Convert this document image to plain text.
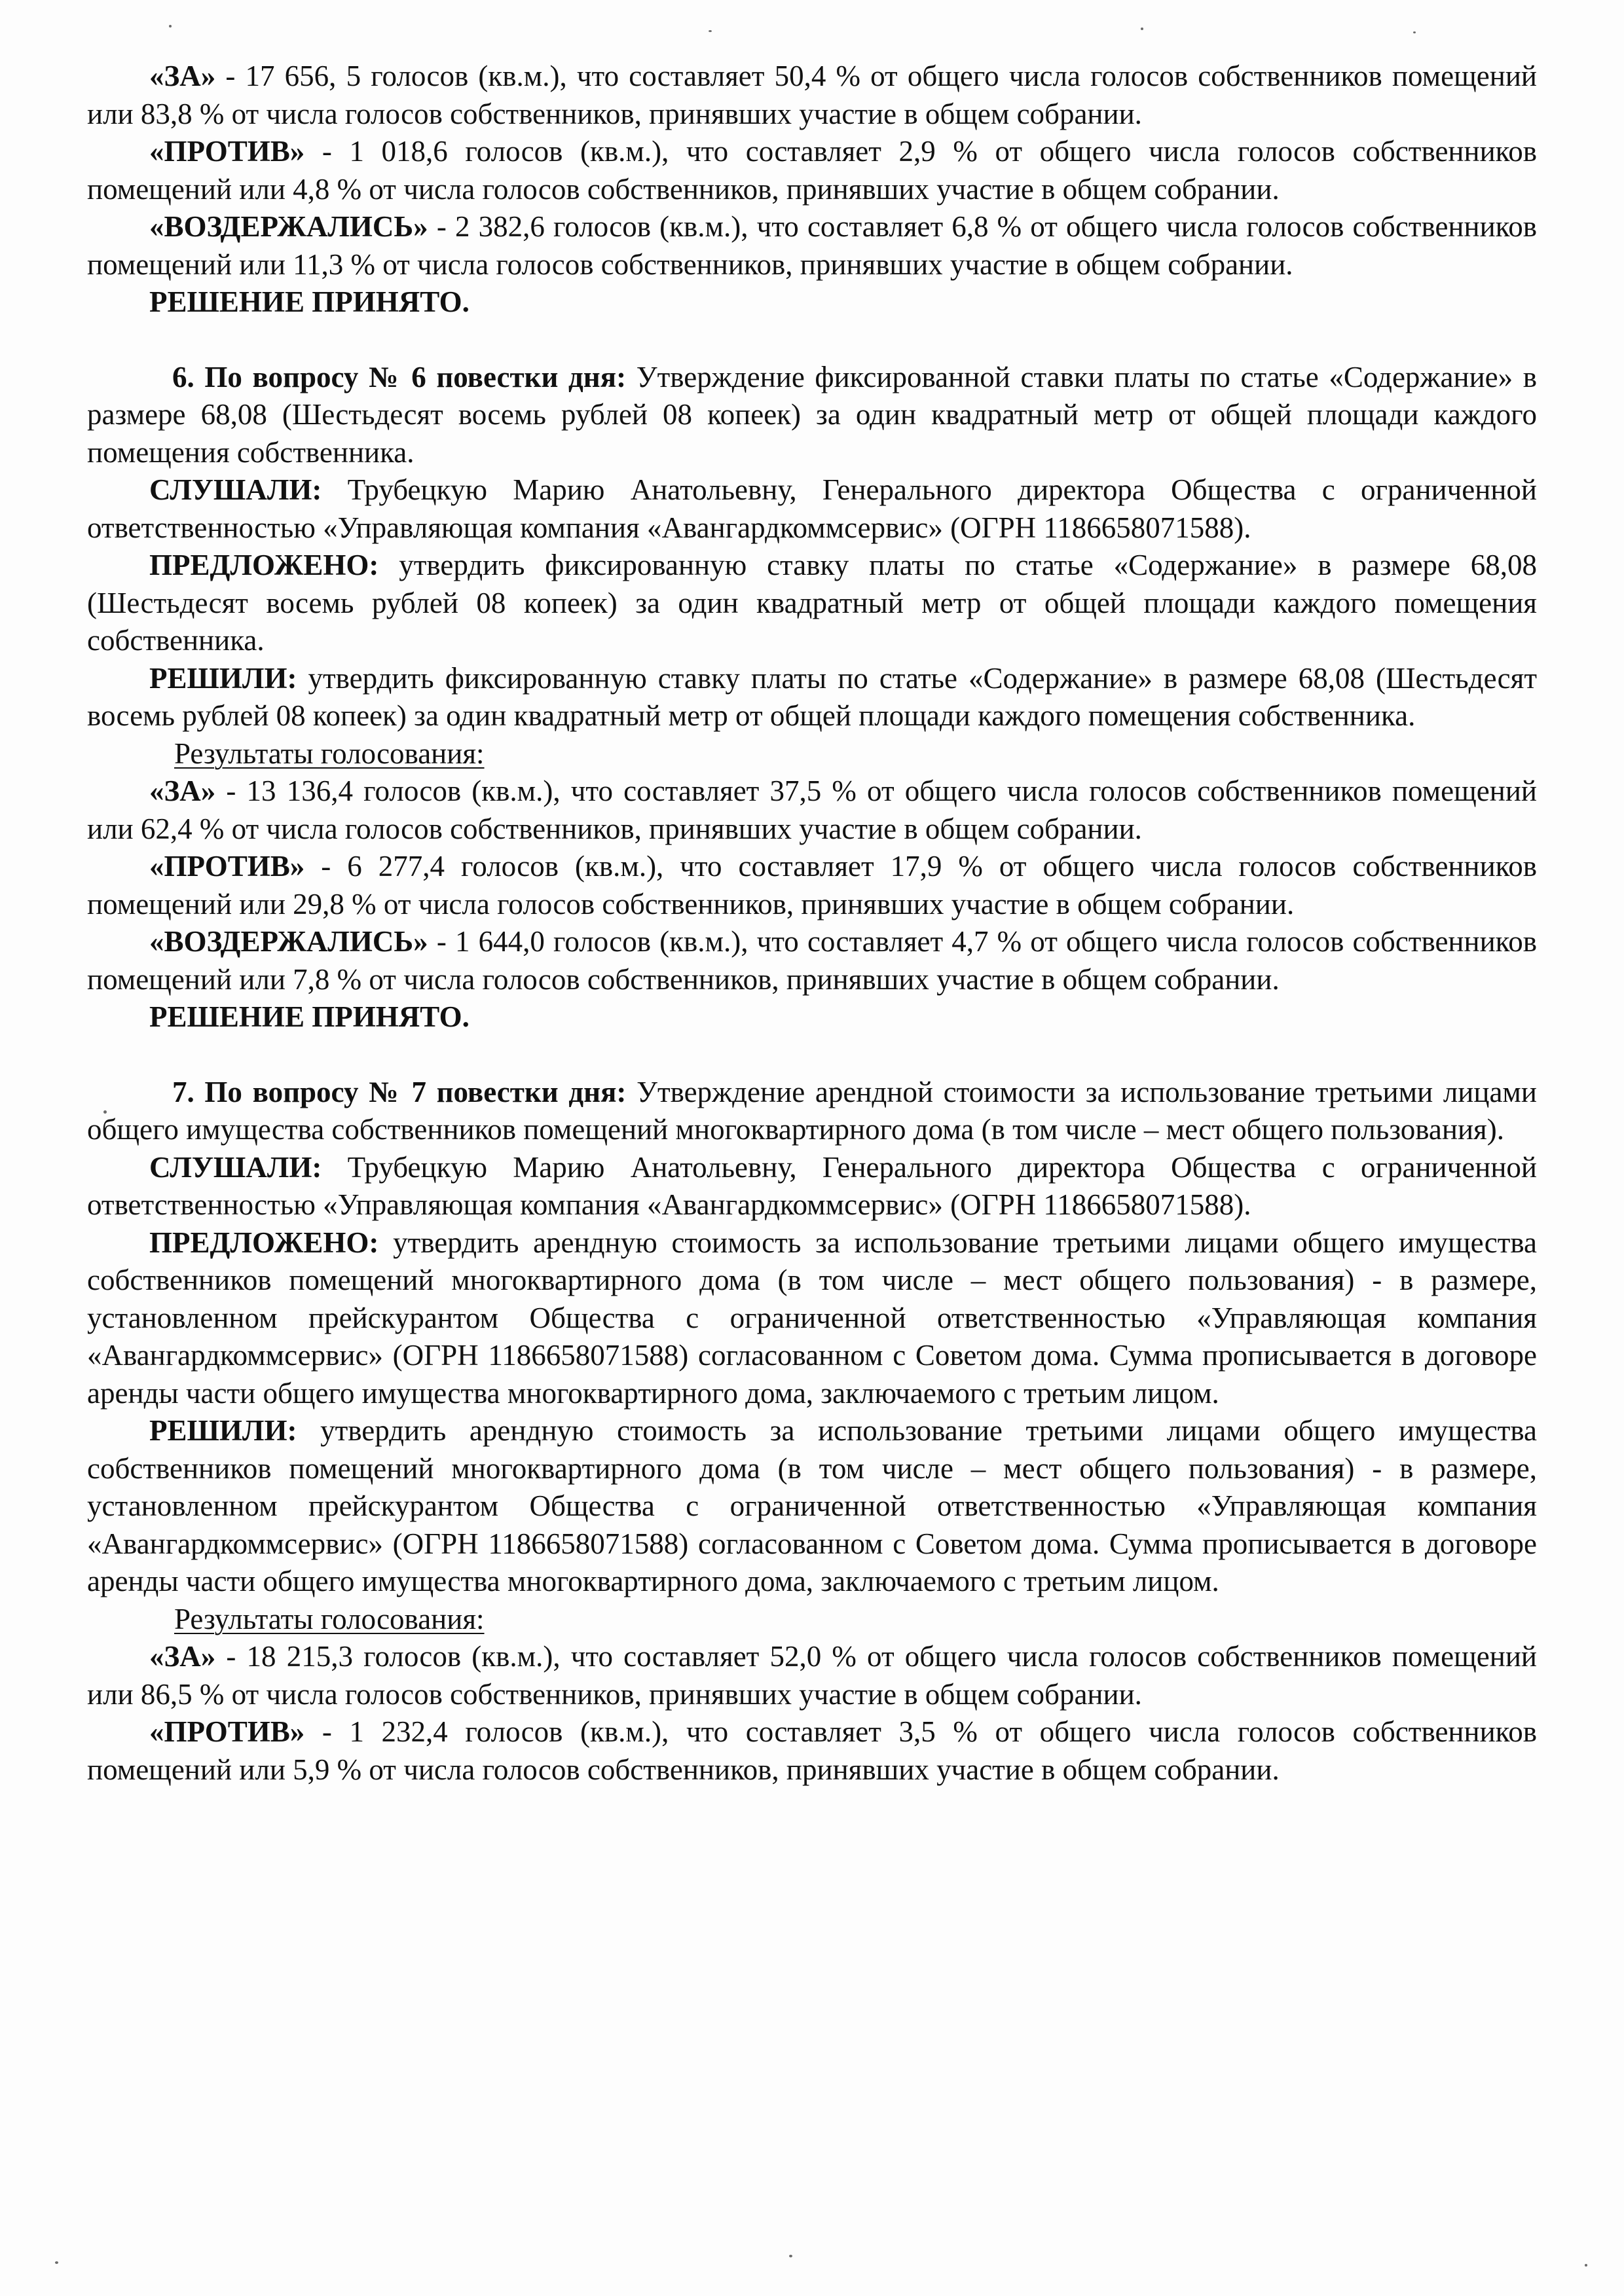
«ЗА» - 17 656, 5 голосов (кв.м.), что составляет 50,4 % от общего числа голосов собственников помещений или 83,8 % от числа голосов собственников, принявших участие в общем собрании.

«ПРОТИВ» - 1 018,6 голосов (кв.м.), что составляет 2,9 % от общего числа голосов собственников помещений или 4,8 % от числа голосов собственников, принявших участие в общем собрании.

«ВОЗДЕРЖАЛИСЬ» - 2 382,6 голосов (кв.м.), что составляет 6,8 % от общего числа голосов собственников помещений или 11,3 % от числа голосов собственников, принявших участие в общем собрании.

РЕШЕНИЕ ПРИНЯТО.

6. По вопросу № 6 повестки дня: Утверждение фиксированной ставки платы по статье «Содержание» в размере 68,08 (Шестьдесят восемь рублей 08 копеек) за один квадратный метр от общей площади каждого помещения собственника.

СЛУШАЛИ: Трубецкую Марию Анатольевну, Генерального директора Общества с ограниченной ответственностью «Управляющая компания «Авангардкоммсервис» (ОГРН 1186658071588).

ПРЕДЛОЖЕНО: утвердить фиксированную ставку платы по статье «Содержание» в размере 68,08 (Шестьдесят восемь рублей 08 копеек) за один квадратный метр от общей площади каждого помещения собственника.

РЕШИЛИ: утвердить фиксированную ставку платы по статье «Содержание» в размере 68,08 (Шестьдесят восемь рублей 08 копеек) за один квадратный метр от общей площади каждого помещения собственника.

Результаты голосования:

«ЗА» - 13 136,4 голосов (кв.м.), что составляет 37,5 % от общего числа голосов собственников помещений или 62,4 % от числа голосов собственников, принявших участие в общем собрании.

«ПРОТИВ» - 6 277,4 голосов (кв.м.), что составляет 17,9 % от общего числа голосов собственников помещений или 29,8 % от числа голосов собственников, принявших участие в общем собрании.

«ВОЗДЕРЖАЛИСЬ» - 1 644,0 голосов (кв.м.), что составляет 4,7 % от общего числа голосов собственников помещений или 7,8 % от числа голосов собственников, принявших участие в общем собрании.

РЕШЕНИЕ ПРИНЯТО.

7. По вопросу № 7 повестки дня: Утверждение арендной стоимости за использование третьими лицами общего имущества собственников помещений многоквартирного дома (в том числе – мест общего пользования).

СЛУШАЛИ: Трубецкую Марию Анатольевну, Генерального директора Общества с ограниченной ответственностью «Управляющая компания «Авангардкоммсервис» (ОГРН 1186658071588).

ПРЕДЛОЖЕНО: утвердить арендную стоимость за использование третьими лицами общего имущества собственников помещений многоквартирного дома (в том числе – мест общего пользования) - в размере, установленном прейскурантом Общества с ограниченной ответственностью «Управляющая компания «Авангардкоммсервис» (ОГРН 1186658071588) согласованном с Советом дома. Сумма прописывается в договоре аренды части общего имущества многоквартирного дома, заключаемого с третьим лицом.

РЕШИЛИ: утвердить арендную стоимость за использование третьими лицами общего имущества собственников помещений многоквартирного дома (в том числе – мест общего пользования) - в размере, установленном прейскурантом Общества с ограниченной ответственностью «Управляющая компания «Авангардкоммсервис» (ОГРН 1186658071588) согласованном с Советом дома. Сумма прописывается в договоре аренды части общего имущества многоквартирного дома, заключаемого с третьим лицом.

Результаты голосования:

«ЗА» - 18 215,3 голосов (кв.м.), что составляет 52,0 % от общего числа голосов собственников помещений или 86,5 % от числа голосов собственников, принявших участие в общем собрании.

«ПРОТИВ» - 1 232,4 голосов (кв.м.), что составляет 3,5 % от общего числа голосов собственников помещений или 5,9 % от числа голосов собственников, принявших участие в общем собрании.
